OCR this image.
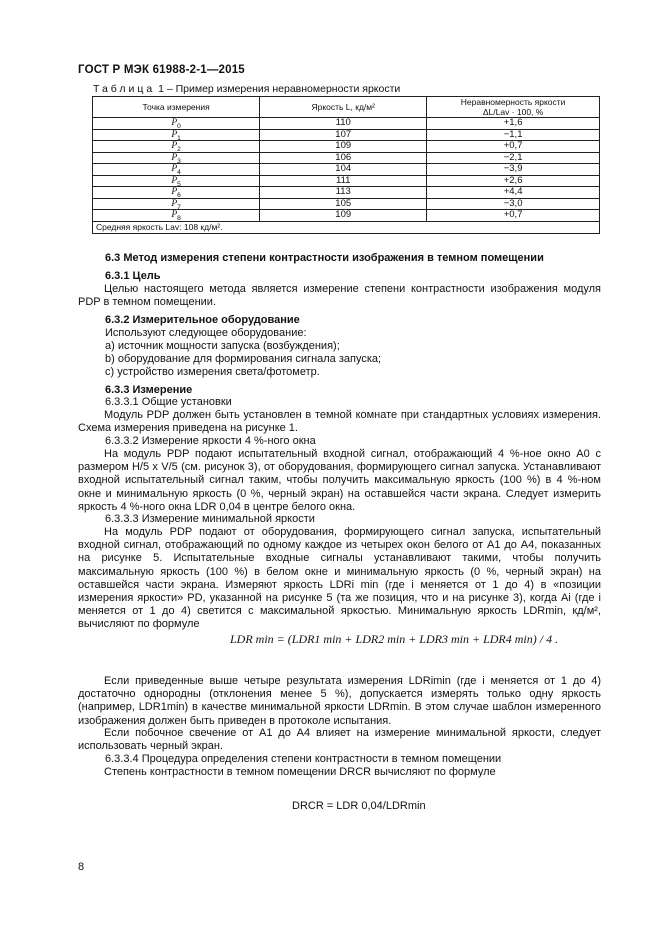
ГОСТ Р МЭК 61988-2-1—2015
Таблица 1 – Пример измерения неравномерности яркости
Точка измерения	Яркость L, кд/м²	Неравномерность яркости
ΔL/Lav · 100, %
$P_0$	110	+1,6
$P_1$	107	−1,1
$P_2$	109	+0,7
$P_3$	106	−2,1
$P_4$	104	−3,9
$P_5$	111	+2,6
$P_6$	113	+4,4
$P_7$	105	−3,0
$P_8$	109	+0,7
Средняя яркость Lav: 108 кд/м².		
6.3 Метод измерения степени контрастности изображения в темном помещении
6.3.1 Цель
Целью настоящего метода является измерение степени контрастности изображения модуля PDP в темном помещении.
6.3.2 Измерительное оборудование
Используют следующее оборудование:
a) источник мощности запуска (возбуждения);
b) оборудование для формирования сигнала запуска;
c) устройство измерения света/фотометр.
6.3.3 Измерение
6.3.3.1 Общие установки
Модуль PDP должен быть установлен в темной комнате при стандартных условиях измерения. Схема измерения приведена на рисунке 1.
6.3.3.2 Измерение яркости 4 %-ного окна
На модуль PDP подают испытательный входной сигнал, отображающий 4 %-ное окно A0 с размером H/5 x V/5 (см. рисунок 3), от оборудования, формирующего сигнал запуска. Устанавливают входной испытательный сигнал таким, чтобы получить максимальную яркость (100 %) в 4 %-ном окне и минимальную яркость (0 %, черный экран) на оставшейся части экрана. Следует измерить яркость 4 %-ного окна LDR 0,04 в центре белого окна.
6.3.3.3 Измерение минимальной яркости
На модуль PDP подают от оборудования, формирующего сигнал запуска, испытательный входной сигнал, отображающий по одному каждое из четырех окон белого от A1 до A4, показанных на рисунке 5. Испытательные входные сигналы устанавливают такими, чтобы получить максимальную яркость (100 %) в белом окне и минимальную яркость (0 %, черный экран) на оставшейся части экрана. Измеряют яркость LDRi min (где i меняется от 1 до 4) в «позиции измерения яркости» PD, указанной на рисунке 5 (та же позиция, что и на рисунке 3), когда Ai (где i меняется от 1 до 4) светится с максимальной яркостью. Минимальную яркость LDRmin, кд/м², вычисляют по формуле
LDR min = (LDR1 min + LDR2 min + LDR3 min + LDR4 min) / 4 .
Если приведенные выше четыре результата измерения LDRimin (где i меняется от 1 до 4) достаточно однородны (отклонения менее 5 %), допускается измерять только одну яркость (например, LDR1min) в качестве минимальной яркости LDRmin. В этом случае шаблон измеренного изображения должен быть приведен в протоколе испытания.
Если побочное свечение от A1 до A4 влияет на измерение минимальной яркости, следует использовать черный экран.
6.3.3.4 Процедура определения степени контрастности в темном помещении
Степень контрастности в темном помещении DRCR вычисляют по формуле
DRCR = LDR 0,04/LDRmin
8
